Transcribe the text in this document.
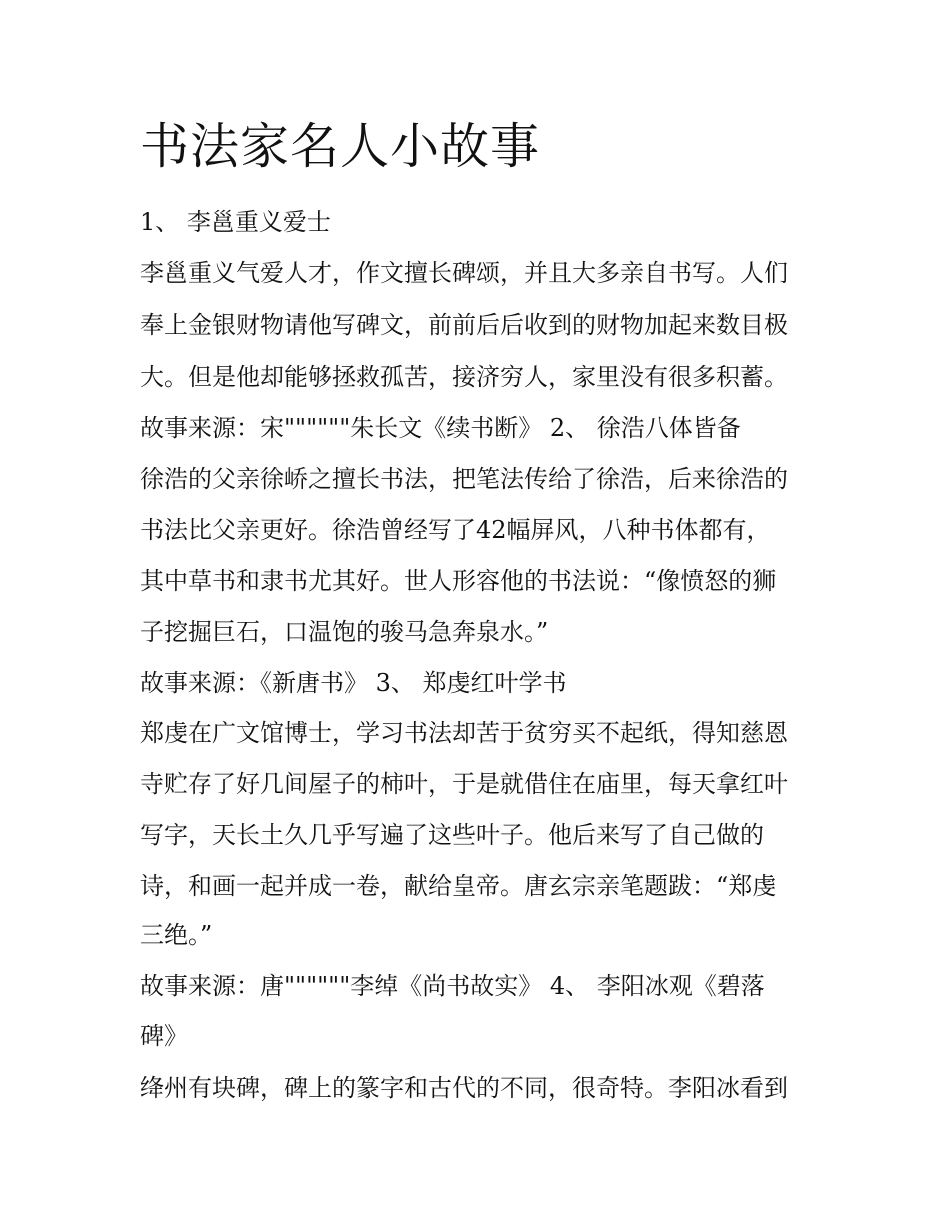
书法家名人小故事
1、 李邕重义爱士
李邕重义气爱人才，作文擅长碑颂，并且大多亲自书写。人们
奉上金银财物请他写碑文，前前后后收到的财物加起来数目极
大。但是他却能够拯救孤苦，接济穷人，家里没有很多积蓄。
故事来源：宋""""""朱长文《续书断》 2、 徐浩八体皆备
徐浩的父亲徐峤之擅长书法，把笔法传给了徐浩，后来徐浩的
书法比父亲更好。徐浩曾经写了42幅屏风，八种书体都有，
其中草书和隶书尤其好。世人形容他的书法说：“像愤怒的狮
子挖掘巨石，口温饱的骏马急奔泉水。”
故事来源：《新唐书》 3、 郑虔红叶学书
郑虔在广文馆博士，学习书法却苦于贫穷买不起纸，得知慈恩
寺贮存了好几间屋子的柿叶，于是就借住在庙里，每天拿红叶
写字，天长土久几乎写遍了这些叶子。他后来写了自己做的
诗，和画一起并成一卷，献给皇帝。唐玄宗亲笔题跋：“郑虔
三绝。”
故事来源：唐""""""李绰《尚书故实》 4、 李阳冰观《碧落
碑》
绛州有块碑，碑上的篆字和古代的不同，很奇特。李阳冰看到
